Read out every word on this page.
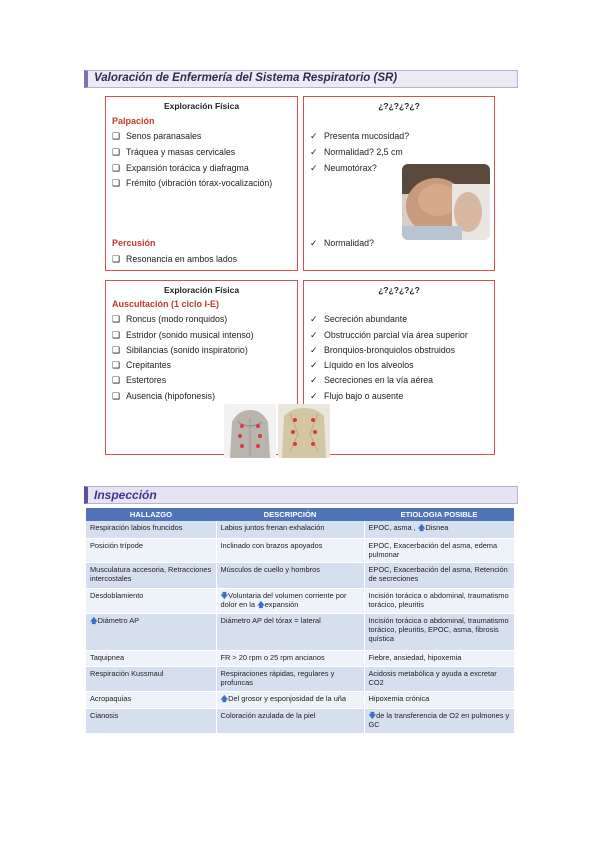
Valoración de Enfermería del Sistema Respiratorio (SR)
Exploración Física
Palpación
❑ Senos paranasales
❑ Tráquea y masas cervicales
❑ Expansión torácica y diafragma
❑ Frémito (vibración tórax-vocalización)
Percusión
❑ Resonancia en ambos lados
¿?¿?¿?¿?
✓ Presenta mucosidad?
✓ Normalidad? 2,5 cm
✓ Neumotórax?
✓ Normalidad?
Exploración Física
Auscultación (1 ciclo I-E)
❑ Roncus (modo ronquidos)
❑ Estridor (sonido musical intenso)
❑ Sibilancias (sonido inspiratorio)
❑ Crepitantes
❑ Estertores
❑ Ausencia (hipofonesis)
¿?¿?¿?¿?
✓ Secreción abundante
✓ Obstrucción parcial vía área superior
✓ Bronquios-bronquiolos obstruidos
✓ Líquido en los alveolos
✓ Secreciones en la vía aérea
✓ Flujo bajo o ausente
Inspección
HALLAZGO	DESCRIPCIÓN	ETIOLOGIA POSIBLE
Respiración labios fruncidos	Labios juntos frenan exhalación	EPOC, asma , 🡅Disnea
Posición trípode	Inclinado con brazos apoyados	EPOC, Exacerbación del asma, edema pulmonar
Musculatura accesoria, Retracciones intercostales	Músculos de cuello y hombros	EPOC, Exacerbación del asma, Retención de secreciones
Desdoblamiento	🡇Voluntaria del volumen corriente por dolor en la 🡅expansión	Incisión torácica o abdominal, traumatismo torácico, pleuritis
🡅Diámetro AP	Diámetro AP del tórax = lateral	Incisión torácica o abdominal, traumatismo torácico, pleuritis, EPOC, asma, fibrosis quística
Taquipnea	FR > 20 rpm o 25 rpm ancianos	Fiebre, ansiedad, hipoxemia
Respiración Kussmaul	Respiraciones rápidas, regulares y profuncas	Acidosis metabólica y ayuda a excretar CO2
Acropaquias	🡅Del grosor y esponjosidad de la uña	Hipoxemia crónica
Cianosis	Coloración azulada de la piel	🡇de la transferencia de O2 en pulmones y GC
